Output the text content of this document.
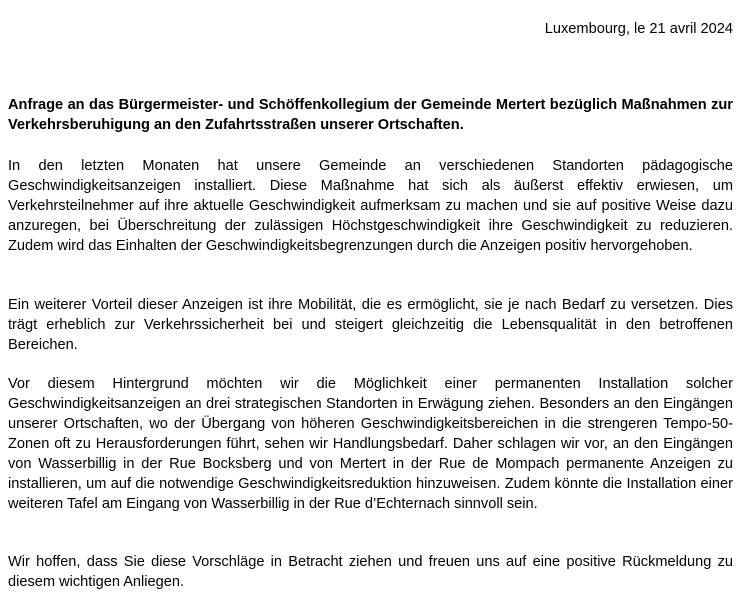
Luxembourg, le 21 avril 2024
Anfrage an das Bürgermeister- und Schöffenkollegium der Gemeinde Mertert bezüglich Maßnahmen zur Verkehrsberuhigung an den Zufahrtsstraßen unserer Ortschaften.

In den letzten Monaten hat unsere Gemeinde an verschiedenen Standorten pädagogische Geschwindigkeitsanzeigen installiert. Diese Maßnahme hat sich als äußerst effektiv erwiesen, um Verkehrsteilnehmer auf ihre aktuelle Geschwindigkeit aufmerksam zu machen und sie auf positive Weise dazu anzuregen, bei Überschreitung der zulässigen Höchstgeschwindigkeit ihre Geschwindigkeit zu reduzieren. Zudem wird das Einhalten der Geschwindigkeitsbegrenzungen durch die Anzeigen positiv hervorgehoben.

Ein weiterer Vorteil dieser Anzeigen ist ihre Mobilität, die es ermöglicht, sie je nach Bedarf zu versetzen. Dies trägt erheblich zur Verkehrssicherheit bei und steigert gleichzeitig die Lebensqualität in den betroffenen Bereichen.

Vor diesem Hintergrund möchten wir die Möglichkeit einer permanenten Installation solcher Geschwindigkeitsanzeigen an drei strategischen Standorten in Erwägung ziehen. Besonders an den Eingängen unserer Ortschaften, wo der Übergang von höheren Geschwindigkeitsbereichen in die strengeren Tempo-50-Zonen oft zu Herausforderungen führt, sehen wir Handlungsbedarf. Daher schlagen wir vor, an den Eingängen von Wasserbillig in der Rue Bocksberg und von Mertert in der Rue de Mompach permanente Anzeigen zu installieren, um auf die notwendige Geschwindigkeitsreduktion hinzuweisen. Zudem könnte die Installation einer weiteren Tafel am Eingang von Wasserbillig in der Rue d’Echternach sinnvoll sein.

Wir hoffen, dass Sie diese Vorschläge in Betracht ziehen und freuen uns auf eine positive Rückmeldung zu diesem wichtigen Anliegen.
